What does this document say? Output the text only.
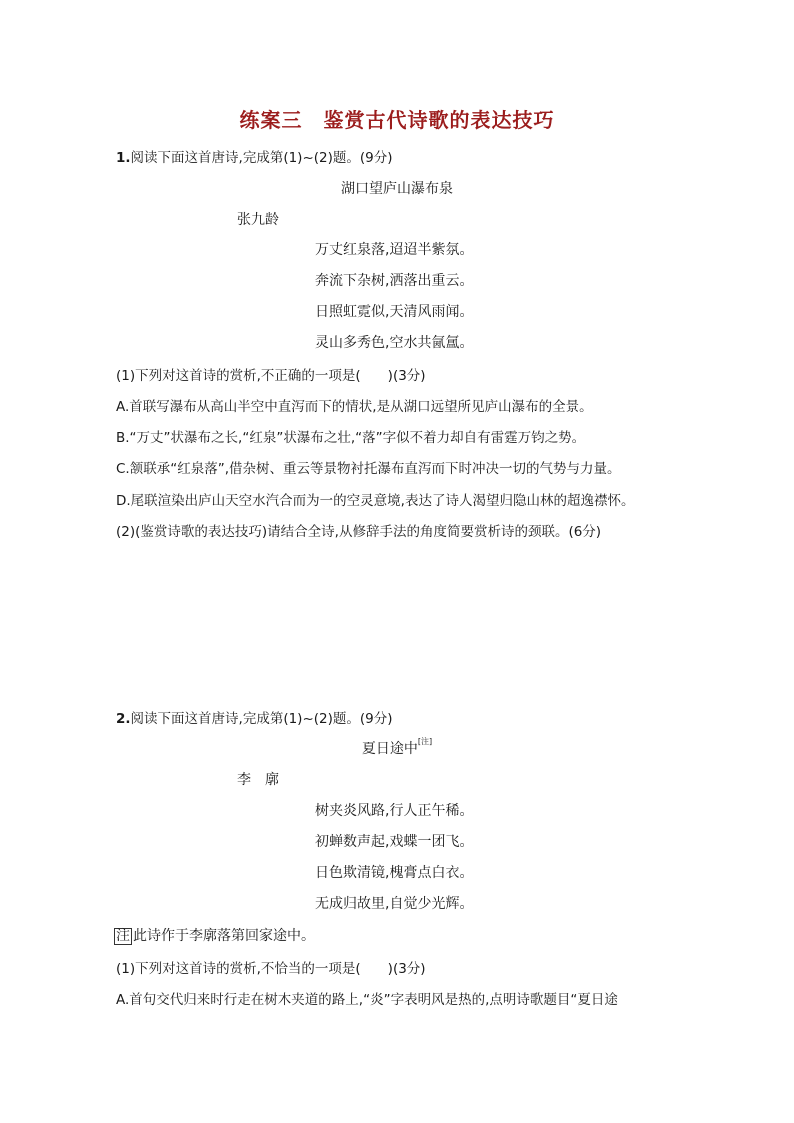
练案三　鉴赏古代诗歌的表达技巧
1.阅读下面这首唐诗,完成第(1)~(2)题。(9分)
湖口望庐山瀑布泉
张九龄
万丈红泉落,迢迢半紫氛。
奔流下杂树,洒落出重云。
日照虹霓似,天清风雨闻。
灵山多秀色,空水共氤氲。
(1)下列对这首诗的赏析,不正确的一项是(　　)(3分)
A.首联写瀑布从高山半空中直泻而下的情状,是从湖口远望所见庐山瀑布的全景。
B.“万丈”状瀑布之长,“红泉”状瀑布之壮,“落”字似不着力却自有雷霆万钧之势。
C.颔联承“红泉落”,借杂树、重云等景物衬托瀑布直泻而下时冲决一切的气势与力量。
D.尾联渲染出庐山天空水汽合而为一的空灵意境,表达了诗人渴望归隐山林的超逸襟怀。
(2)(鉴赏诗歌的表达技巧)请结合全诗,从修辞手法的角度简要赏析诗的颈联。(6分)
2.阅读下面这首唐诗,完成第(1)~(2)题。(9分)
夏日途中[注]
李　廓
树夹炎风路,行人正午稀。
初蝉数声起,戏蝶一团飞。
日色欺清镜,槐膏点白衣。
无成归故里,自觉少光辉。
注 此诗作于李廓落第回家途中。
(1)下列对这首诗的赏析,不恰当的一项是(　　)(3分)
A.首句交代归来时行走在树木夹道的路上,“炎”字表明风是热的,点明诗歌题目“夏日途
